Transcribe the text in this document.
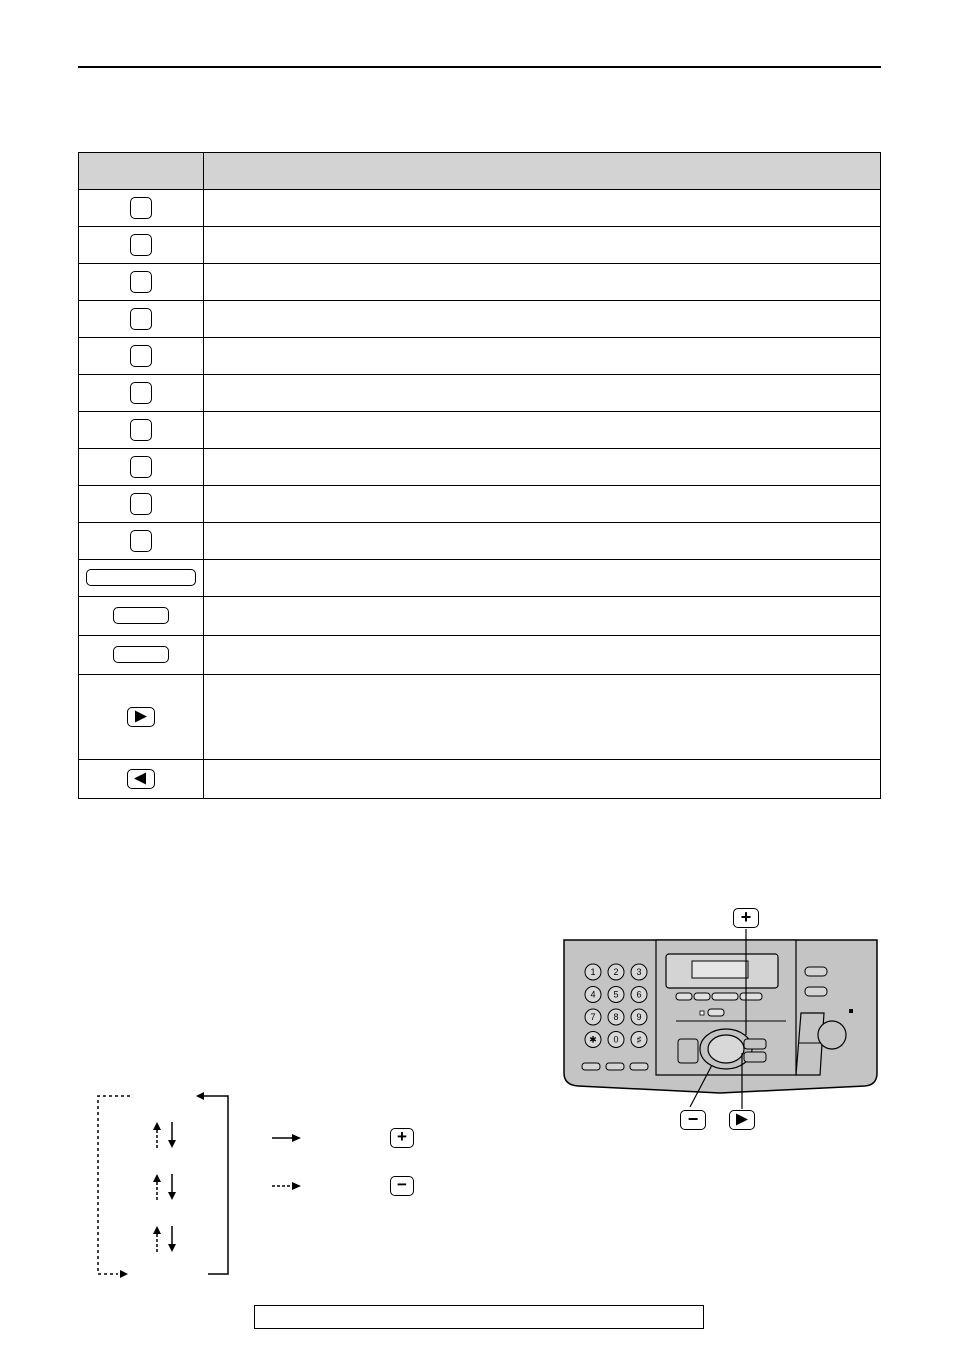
+
−
1 2 3
4 5 6
7 8 9
✱ 0 ♯
+
−
